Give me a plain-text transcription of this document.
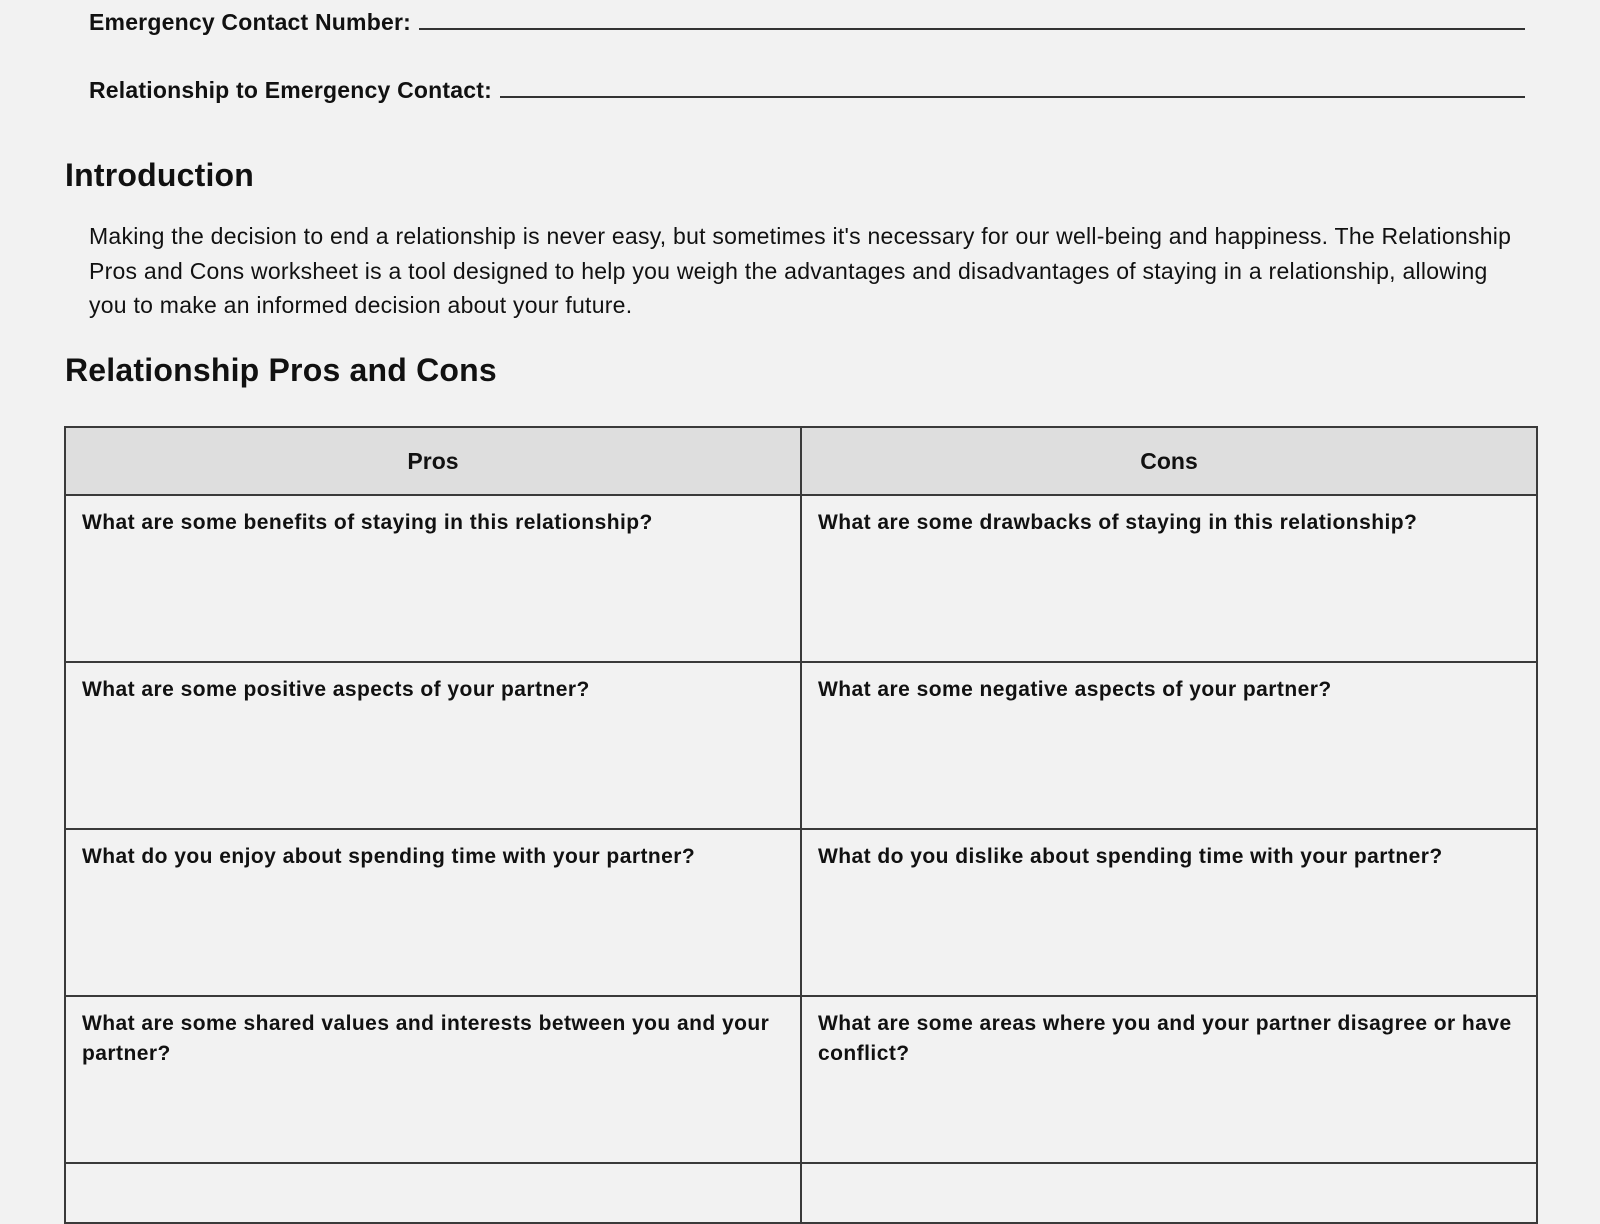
Emergency Contact Number:
Relationship to Emergency Contact:
Introduction

Making the decision to end a relationship is never easy, but sometimes it's necessary for our well-being and happiness. The Relationship Pros and Cons worksheet is a tool designed to help you weigh the advantages and disadvantages of staying in a relationship, allowing you to make an informed decision about your future.

Relationship Pros and Cons
Pros	Cons
What are some benefits of staying in this relationship?	What are some drawbacks of staying in this relationship?
What are some positive aspects of your partner?	What are some negative aspects of your partner?
What do you enjoy about spending time with your partner?	What do you dislike about spending time with your partner?
What are some shared values and interests between you and your partner?	What are some areas where you and your partner disagree or have conflict?
